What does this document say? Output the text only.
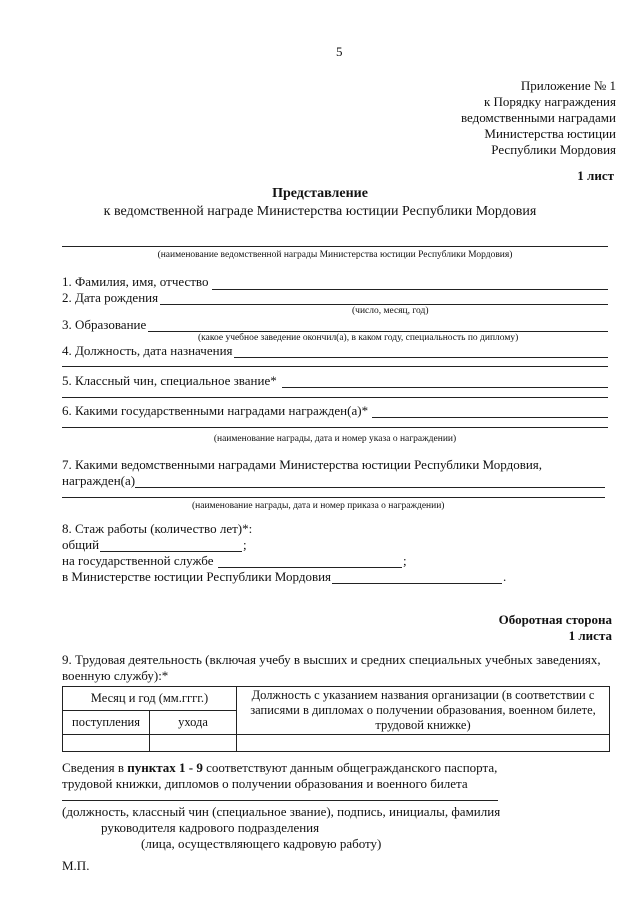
5
Приложение № 1
к Порядку награждения
ведомственными наградами
Министерства юстиции
Республики Мордовия
1 лист
Представление
к ведомственной награде Министерства юстиции Республики Мордовия
(наименование ведомственной награды Министерства юстиции Республики Мордовия)
1. Фамилия, имя, отчество
2. Дата рождения
(число, месяц, год)
3. Образование
(какое учебное заведение окончил(а), в каком году, специальность по диплому)
4. Должность, дата назначения
5. Классный чин, специальное звание*
6. Какими государственными наградами награжден(а)*
(наименование награды, дата и номер указа о награждении)
7. Какими ведомственными наградами Министерства юстиции Республики Мордовия,
награжден(а)
(наименование награды, дата и номер приказа о награждении)
8. Стаж работы (количество лет)*:
общий	;
на государственной службе	;
в Министерстве юстиции Республики Мордовия	.
Оборотная сторона
1 листа
9. Трудовая деятельность (включая учебу в высших и средних специальных учебных заведениях,
военную службу):*
Месяц и год (мм.гггг.)		Должность с указанием названия организации (в соответствии с
записями в дипломах о получении образования, военном билете,
трудовой книжке)

поступления	ухода	

Сведения в пунктах 1 - 9 соответствуют данным общегражданского паспорта,
трудовой книжки, дипломов о получении образования и военного билета
(должность, классный чин (специальное звание), подпись, инициалы, фамилия
руководителя кадрового подразделения
(лица, осуществляющего кадровую работу)
М.П.
